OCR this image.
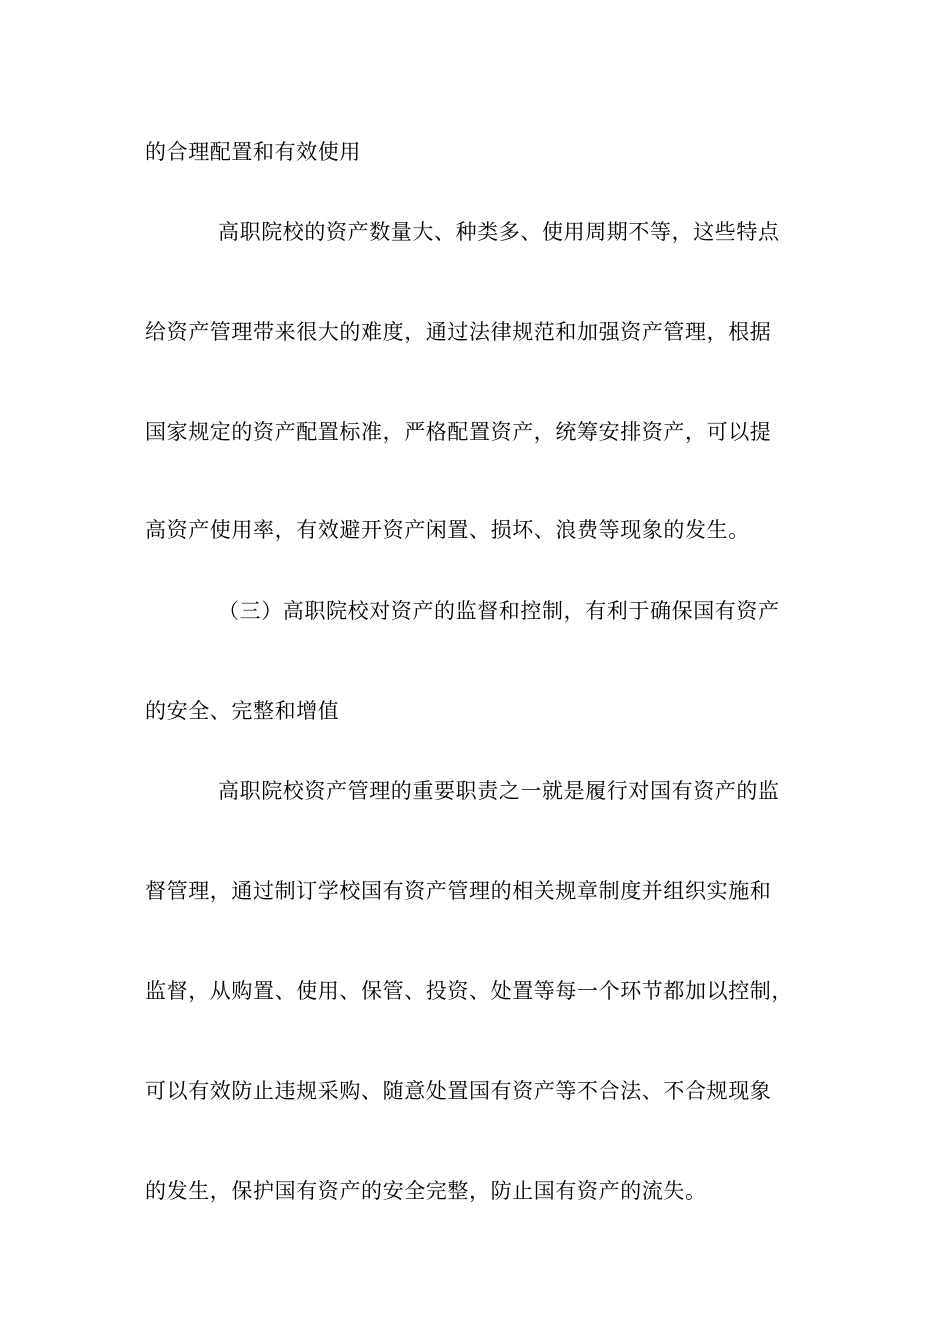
的合理配置和有效使用
高职院校的资产数量大、种类多、使用周期不等，这些特点
给资产管理带来很大的难度，通过法律规范和加强资产管理，根据
国家规定的资产配置标准，严格配置资产，统筹安排资产，可以提
高资产使用率，有效避开资产闲置、损坏、浪费等现象的发生。
（三）高职院校对资产的监督和控制，有利于确保国有资产
的安全、完整和增值
高职院校资产管理的重要职责之一就是履行对国有资产的监
督管理，通过制订学校国有资产管理的相关规章制度并组织实施和
监督，从购置、使用、保管、投资、处置等每一个环节都加以控制，
可以有效防止违规采购、随意处置国有资产等不合法、不合规现象
的发生，保护国有资产的安全完整，防止国有资产的流失。
